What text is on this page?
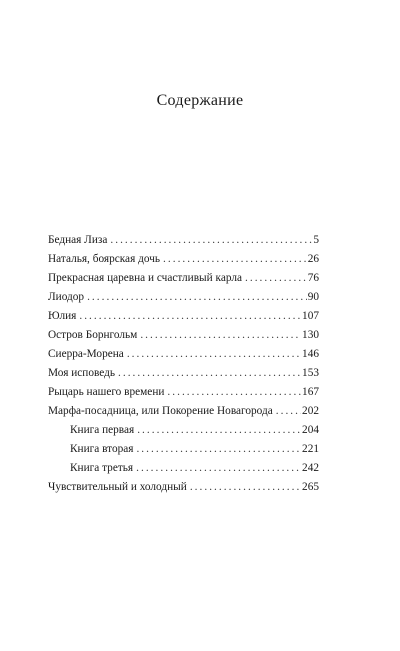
Содержание
Бедная Лиза . . .	5
Наталья, боярская дочь . . .	26
Прекрасная царевна и счастливый карла . . .	76
Лиодор . . .	90
Юлия . . .	107
Остров Борнгольм . . .	130
Сиерра-Морена . . .	146
Моя исповедь . . .	153
Рыцарь нашего времени . . .	167
Марфа-посадница, или Покорение Новагорода . . .	202
Книга первая . . .	204
Книга вторая . . .	221
Книга третья . . .	242
Чувствительный и холодный . . .	265
